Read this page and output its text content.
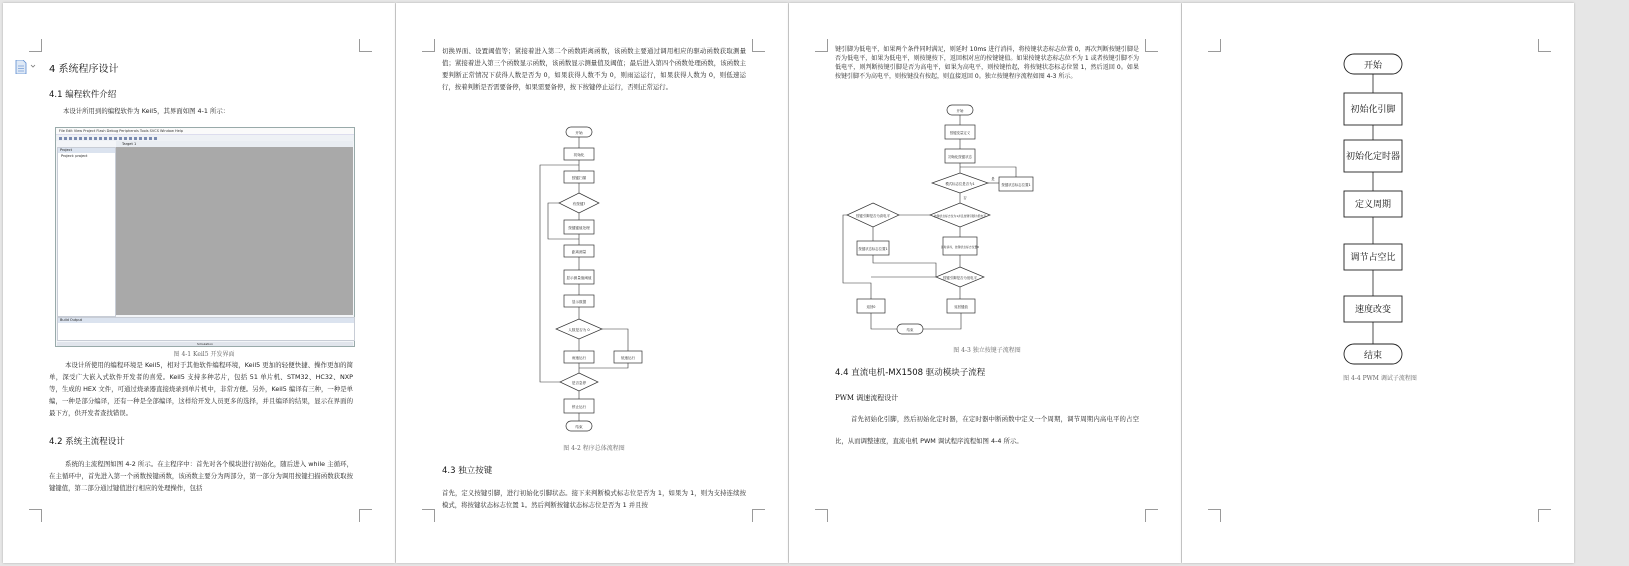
4 系统程序设计
4.1 编程软件介绍
本设计所用到的编程软件为 Keil5，其界面如图 4-1 所示：
File Edit View Project Flash Debug Peripherals Tools SVCS Window Help
Target 1
Project
Project: project
Build Output
Simulation
图 4-1 Keil5 开发界面
本设计所使用的编程环境是 Keil5，相对于其他软件编程环境，Keil5 更加的轻便快捷、操作更加的简单，深受广大嵌入式软件开发者的喜爱。Keil5 支持多种芯片，包括 51 单片机、STM32、HC32、NXP 等，生成的 HEX 文件，可通过烧录器直接烧录到单片机中，非常方便。另外，Keil5 编译有三种，一种是单编，一种是部分编译，还有一种是全部编译，这样给开发人员更多的选择，并且编译的结果，显示在界面的最下方，供开发者查找错误。
4.2 系统主流程设计
系统的主流程图如图 4-2 所示。在主程序中：首先对各个模块进行初始化，随后进入 while 主循环，在主循环中，首先进入第一个函数按键函数，该函数主要分为两部分，第一部分为调用按键扫描函数获取按键键值，第二部分通过键值进行相应的处理操作，包括
切换界面、设置阈值等；紧接着进入第二个函数距离函数，该函数主要通过调用相应的驱动函数获取测量值；紧接着进入第三个函数显示函数，该函数显示测量值及阈值；最后进入第四个函数处理函数，该函数主要判断正常情况下获得人数是否为 0，如果获得人数不为 0，则雨运运行，如果获得人数为 0，则低速运行，按着判断是否需要备停，如果需要备停，按下按键停止运行，否则正常运行。
开始
初始化
按键扫描
有按键?
按键键值处理
距离测量
显示测量值阈值
显示数据
人数是否为 0
雨速运行	低速运行
是否急停
停止运行
结束
图 4-2 程序总体流程图
4.3 独立按键
首先，定义按键引脚，进行初始化引脚状态。接下来判断模式标志位是否为 1，如果为 1，则为支持连续按模式，将按键状态标志位置 1。然后判断按键状态标志位是否为 1 并且按
键引脚为低电平，如果两个条件同时满足，则延时 10ms 进行消抖，将按键状态标志位置 0，再次判断按键引脚是否为低电平，如果为低电平，则按键按下，返回相对应的按键键值。如果按键状态标志位不为 1 或者按键引脚不为低电平，则判断按键引脚是否为高电平，如果为高电平，则按键抬起，将按键状态标志位置 1，然后返回 0。如果按键引脚不为高电平，则按键没有按起，则直接返回 0。独立按键程序流程如图 4-3 所示。
开始
按键变量定义
初始化按键状态
模式标志位是否为1	按键状态标志位置1
按键状态标志位为1并且按键引脚为低电平
按键引脚是否为高电平
延时消抖，按键状态标志位置0
按键状态标志位置1
按键引脚是否为低电平
返回0	返回键值
结束
是
否
图 4-3 独立按键子流程图
4.4 直流电机-MX1508 驱动模块子流程
PWM 调速流程设计
首先初始化引脚，然后初始化定时器，在定时器中断函数中定义一个周期，调节周期内高电平的占空比，从而调整速度，直流电机 PWM 调试程序流程如图 4-4 所示。
开始
初始化引脚
初始化定时器
定义周期
调节占空比
速度改变
结束
图 4-4 PWM 调试子流程图
